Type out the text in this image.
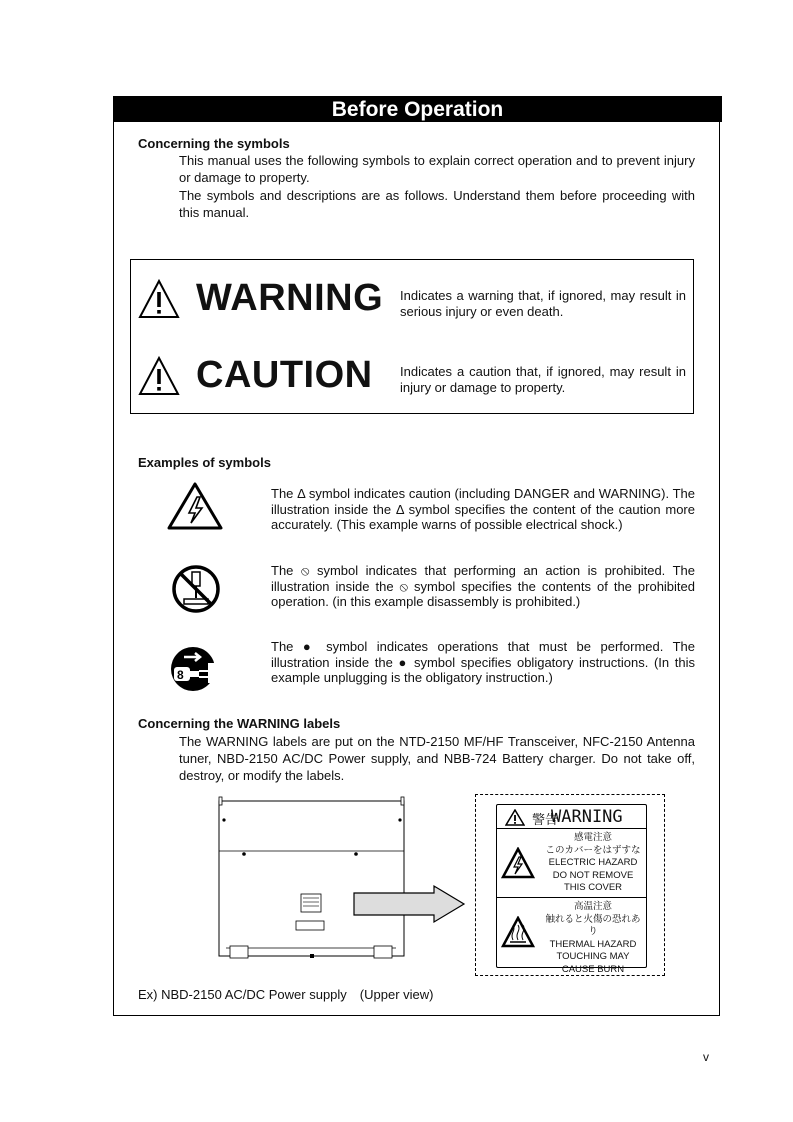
Before Operation
Concerning the symbols
This manual uses the following symbols to explain correct operation and to prevent injury or damage to property.
The symbols and descriptions are as follows. Understand them before proceeding with this manual.
WARNING Indicates a warning that, if ignored, may result in serious injury or even death.
CAUTION Indicates a caution that, if ignored, may result in injury or damage to property.
Examples of symbols
The Δ symbol indicates caution (including DANGER and WARNING). The illustration inside the Δ symbol specifies the content of the caution more accurately. (This example warns of possible electrical shock.)
The ⦸ symbol indicates that performing an action is prohibited. The illustration inside the ⦸ symbol specifies the contents of the prohibited operation. (in this example disassembly is prohibited.)
8
The ● symbol indicates operations that must be performed. The illustration inside the ● symbol specifies obligatory instructions. (In this example unplugging is the obligatory instruction.)
Concerning the WARNING labels
The WARNING labels are put on the NTD-2150 MF/HF Transceiver, NFC-2150 Antenna tuner, NBD-2150 AC/DC Power supply, and NBB-724 Battery charger. Do not take off, destroy, or modify the labels.
警告
WARNING
感電注意
このカバーをはずすな
ELECTRIC HAZARD
DO NOT REMOVE
THIS COVER
高温注意
触れると火傷の恐れあり
THERMAL HAZARD
TOUCHING MAY
CAUSE BURN
Ex) NBD-2150 AC/DC Power supply　(Upper view)
v
